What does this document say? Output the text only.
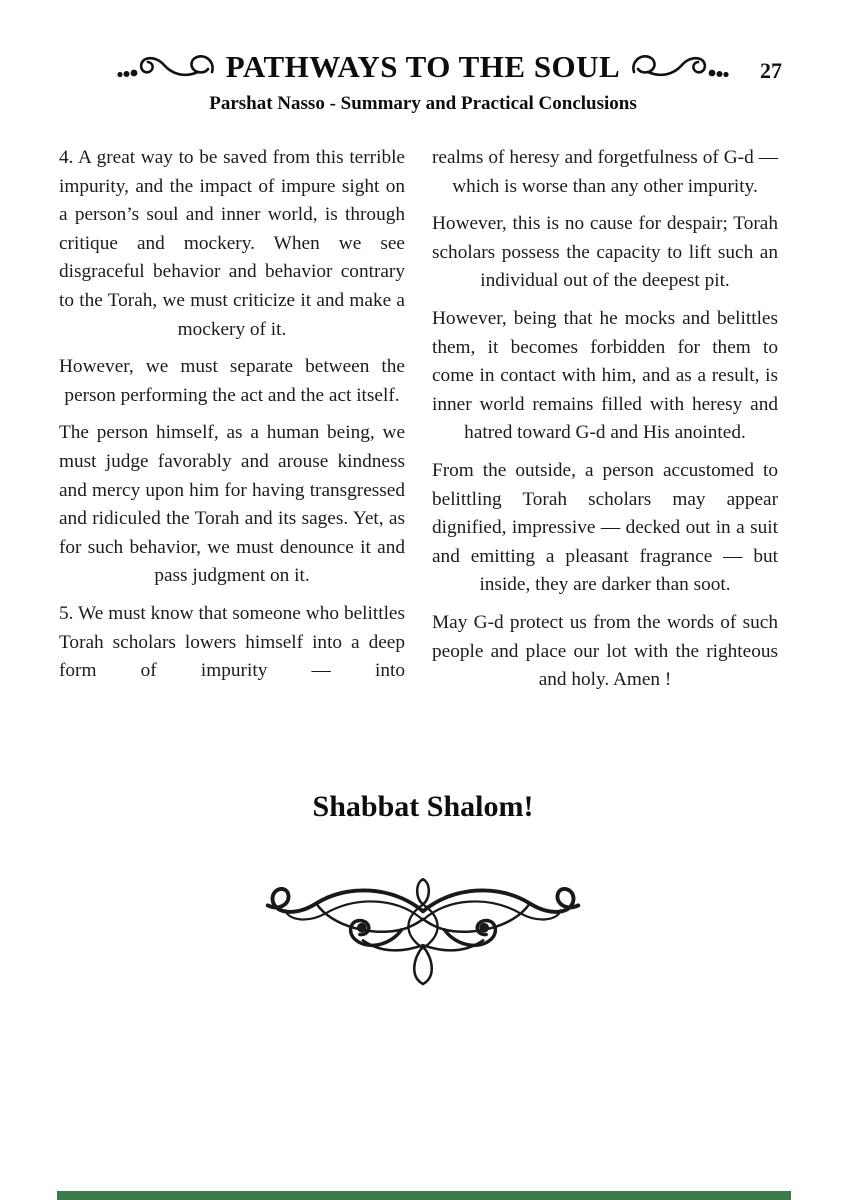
PATHWAYS TO THE SOUL	27
Parshat Nasso - Summary and Practical Conclusions

4. A great way to be saved from this terrible impurity, and the impact of impure sight on a person’s soul and inner world, is through critique and mockery. When we see disgraceful behavior and behavior contrary to the Torah, we must criticize it and make a mockery of it.

However, we must separate between the person performing the act and the act itself.

The person himself, as a human being, we must judge favorably and arouse kindness and mercy upon him for having transgressed and ridiculed the Torah and its sages. Yet, as for such behavior, we must denounce it and pass judgment on it.

5. We must know that someone who belittles Torah scholars lowers himself into a deep form of impurity — into

realms of heresy and forgetfulness of G-d — which is worse than any other impurity.

However, this is no cause for despair; Torah scholars possess the capacity to lift such an individual out of the deepest pit.

However, being that he mocks and belittles them, it becomes forbidden for them to come in contact with him, and as a result, is inner world remains filled with heresy and hatred toward G-d and His anointed.

From the outside, a person accustomed to belittling Torah scholars may appear dignified, impressive — decked out in a suit and emitting a pleasant fragrance — but inside, they are darker than soot.

May G-d protect us from the words of such people and place our lot with the righteous and holy. Amen !

Shabbat Shalom!
